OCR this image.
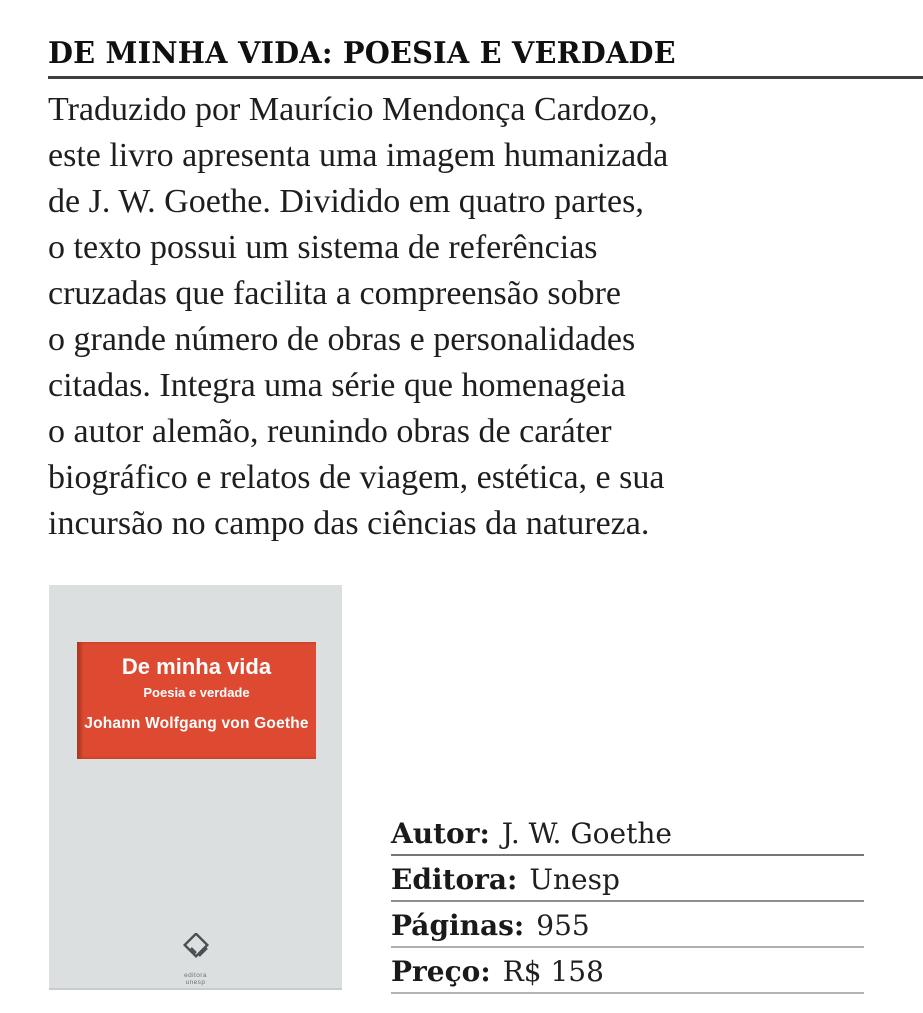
DE MINHA VIDA: POESIA E VERDADE
Traduzido por Maurício Mendonça Cardozo,
este livro apresenta uma imagem humanizada
de J. W. Goethe. Dividido em quatro partes,
o texto possui um sistema de referências
cruzadas que facilita a compreensão sobre
o grande número de obras e personalidades
citadas. Integra uma série que homenageia
o autor alemão, reunindo obras de caráter
biográfico e relatos de viagem, estética, e sua
incursão no campo das ciências da natureza.
De minha vida
Poesia e verdade
Johann Wolfgang von Goethe
editora unesp
Autor: J. W. Goethe
Editora: Unesp
Páginas: 955
Preço: R$ 158
